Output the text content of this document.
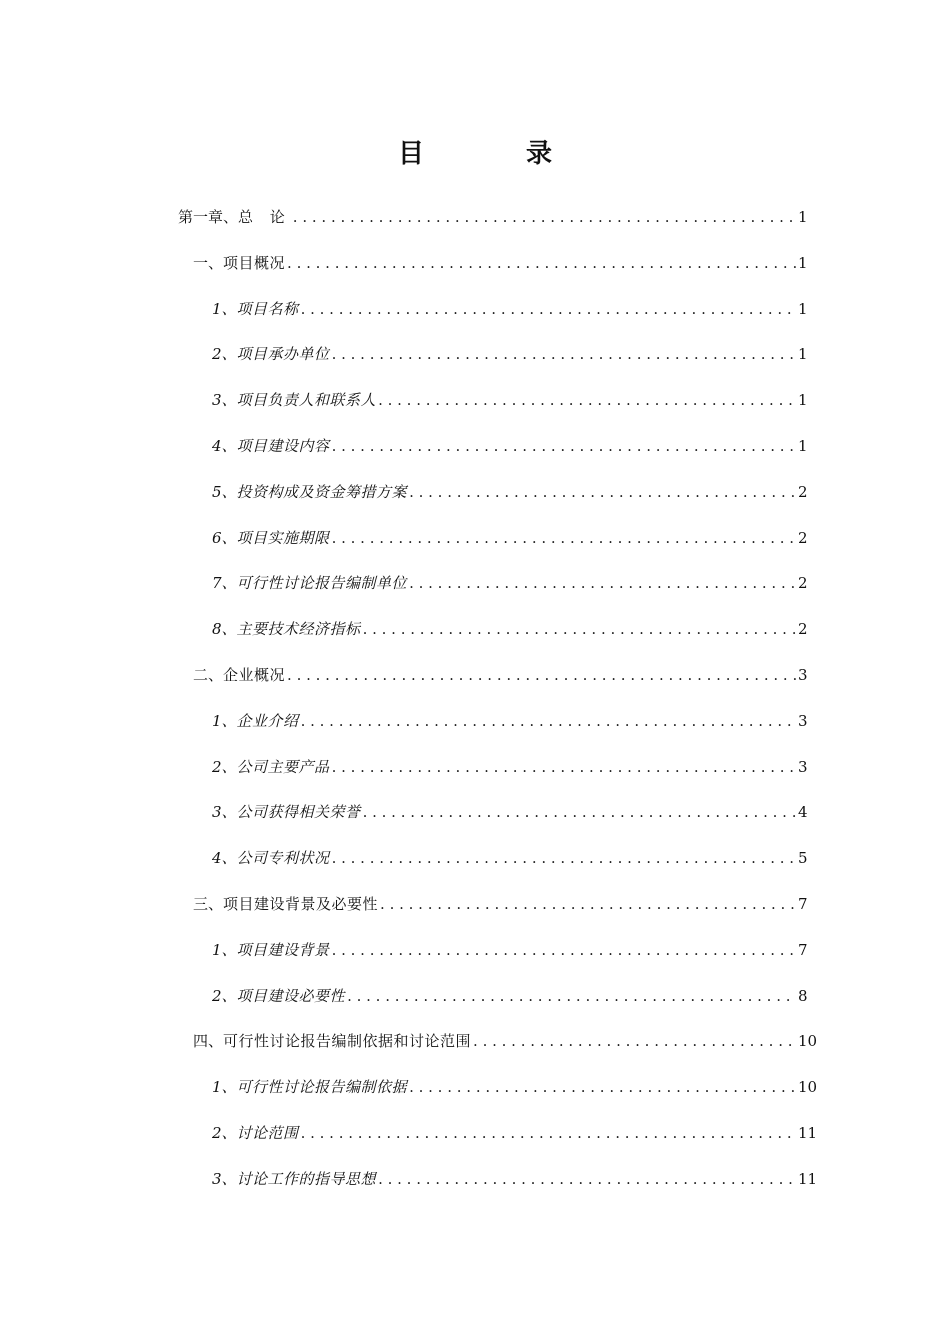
目　录
第一章、 总 论 . . .	1
一、 项目概况 . . .	1
1、 项目名称 . . .	1
2、 项目承办单位 . . .	1
3、 项目负责人和联系人 . . .	1
4、 项目建设内容 . . .	1
5、 投资构成及资金筹措方案 . . .	2
6、 项目实施期限 . . .	2
7、 可行性讨论报告编制单位 . . .	2
8、 主要技术经济指标 . . .	2
二、 企业概况 . . .	3
1、 企业介绍 . . .	3
2、 公司主要产品 . . .	3
3、 公司获得相关荣誉 . . .	4
4、 公司专利状况 . . .	5
三、 项目建设背景及必要性 . . .	7
1、 项目建设背景 . . .	7
2、 项目建设必要性 . . .	8
四、 可行性讨论报告编制依据和讨论范围 . . .	10
1、 可行性讨论报告编制依据 . . .	10
2、 讨论范围 . . .	11
3、 讨论工作的指导思想 . . .	11
